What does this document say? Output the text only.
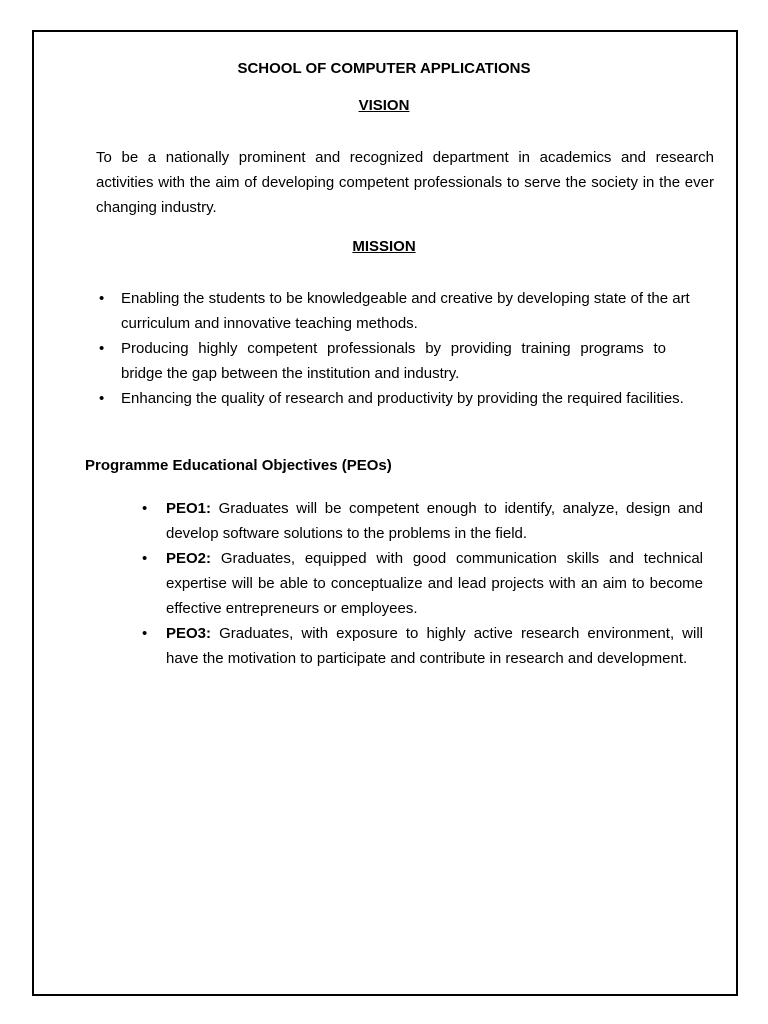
SCHOOL OF COMPUTER APPLICATIONS
VISION

To be a nationally prominent and recognized department in academics and research activities with the aim of developing competent professionals to serve the society in the ever changing industry.

MISSION
• Enabling the students to be knowledgeable and creative by developing state of the art curriculum and innovative teaching methods.
• Producing highly competent professionals by providing training programs to bridge the gap between the institution and industry.
• Enhancing the quality of research and productivity by providing the required facilities.
Programme Educational Objectives (PEOs)
• PEO1: Graduates will be competent enough to identify, analyze, design and develop software solutions to the problems in the field.
• PEO2: Graduates, equipped with good communication skills and technical expertise will be able to conceptualize and lead projects with an aim to become effective entrepreneurs or employees.
• PEO3: Graduates, with exposure to highly active research environment, will have the motivation to participate and contribute in research and development.
